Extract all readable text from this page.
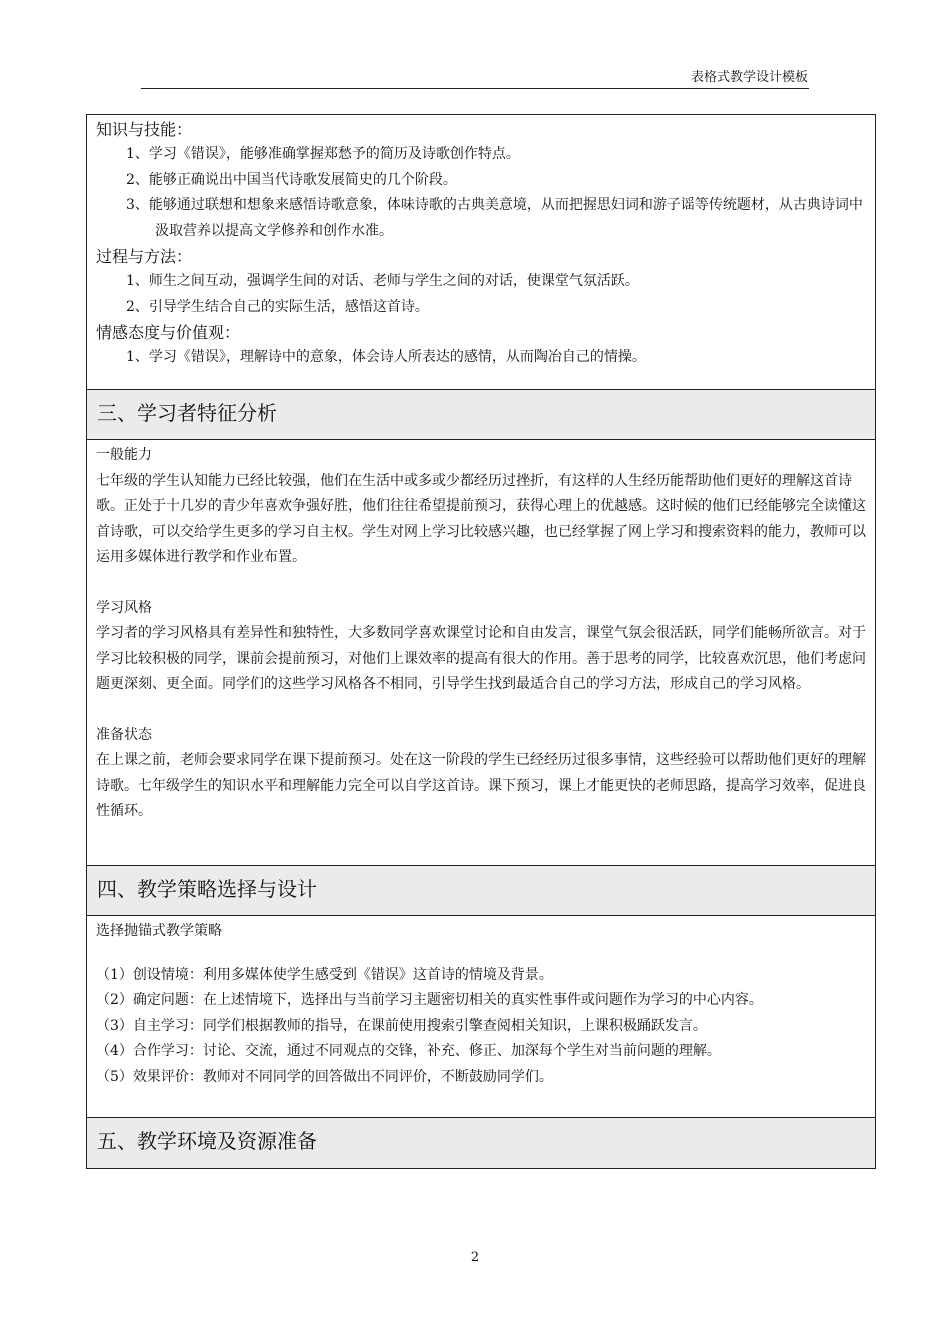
表格式教学设计模板
知识与技能：
1、学习《错误》，能够准确掌握郑愁予的简历及诗歌创作特点。
2、能够正确说出中国当代诗歌发展简史的几个阶段。
3、能够通过联想和想象来感悟诗歌意象，体味诗歌的古典美意境，从而把握思妇词和游子谣等传统题材，从古典诗词中汲取营养以提高文学修养和创作水准。
过程与方法：
1、师生之间互动，强调学生间的对话、老师与学生之间的对话，使课堂气氛活跃。
2、引导学生结合自己的实际生活，感悟这首诗。
情感态度与价值观：
1、学习《错误》，理解诗中的意象，体会诗人所表达的感情，从而陶冶自己的情操。
三、学习者特征分析
一般能力
七年级的学生认知能力已经比较强，他们在生活中或多或少都经历过挫折，有这样的人生经历能帮助他们更好的理解这首诗歌。正处于十几岁的青少年喜欢争强好胜，他们往往希望提前预习，获得心理上的优越感。这时候的他们已经能够完全读懂这首诗歌，可以交给学生更多的学习自主权。学生对网上学习比较感兴趣，也已经掌握了网上学习和搜索资料的能力，教师可以运用多媒体进行教学和作业布置。
学习风格
学习者的学习风格具有差异性和独特性，大多数同学喜欢课堂讨论和自由发言，课堂气氛会很活跃，同学们能畅所欲言。对于学习比较积极的同学，课前会提前预习，对他们上课效率的提高有很大的作用。善于思考的同学，比较喜欢沉思，他们考虑问题更深刻、更全面。同学们的这些学习风格各不相同，引导学生找到最适合自己的学习方法，形成自己的学习风格。
准备状态
在上课之前，老师会要求同学在课下提前预习。处在这一阶段的学生已经经历过很多事情，这些经验可以帮助他们更好的理解诗歌。七年级学生的知识水平和理解能力完全可以自学这首诗。课下预习，课上才能更快的老师思路，提高学习效率，促进良性循环。
四、教学策略选择与设计
选择抛锚式教学策略
（1）创设情境：利用多媒体使学生感受到《错误》这首诗的情境及背景。
（2）确定问题：在上述情境下，选择出与当前学习主题密切相关的真实性事件或问题作为学习的中心内容。
（3）自主学习：同学们根据教师的指导，在课前使用搜索引擎查阅相关知识，上课积极踊跃发言。
（4）合作学习：讨论、交流，通过不同观点的交锋，补充、修正、加深每个学生对当前问题的理解。
（5）效果评价：教师对不同同学的回答做出不同评价，不断鼓励同学们。
五、教学环境及资源准备
2
